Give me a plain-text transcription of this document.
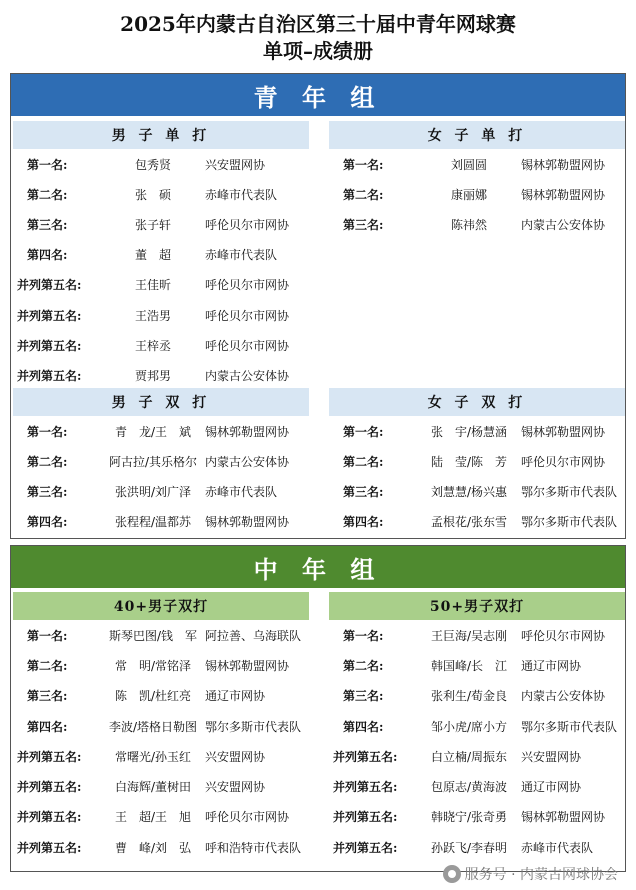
2025年内蒙古自治区第三十届中青年网球赛
单项–成绩册
青 年 组
男 子 单 打
第一名:	包秀贤	兴安盟网协
第二名:	张　硕	赤峰市代表队
第三名:	张子轩	呼伦贝尔市网协
第四名:	董　超	赤峰市代表队
并列第五名:	王佳昕	呼伦贝尔市网协
并列第五名:	王浩男	呼伦贝尔市网协
并列第五名:	王梓丞	呼伦贝尔市网协
并列第五名:	贾邦男	内蒙古公安体协
女 子 单 打
第一名:	刘圆圆	锡林郭勒盟网协
第二名:	康丽娜	锡林郭勒盟网协
第三名:	陈祎然	内蒙古公安体协
男 子 双 打
第一名:	青　龙/王　斌	锡林郭勒盟网协
第二名:	阿古拉/其乐格尔 内蒙古公安体协
第三名:	张洪明/刘广泽	赤峰市代表队
第四名:	张程程/温都苏	锡林郭勒盟网协
女 子 双 打
第一名:	张　宇/杨慧涵	锡林郭勒盟网协
第二名:	陆　莹/陈　芳	呼伦贝尔市网协
第三名:	刘慧慧/杨兴惠	鄂尔多斯市代表队
第四名:	孟根花/张东雪	鄂尔多斯市代表队
中 年 组
40+男子双打
第一名:	斯琴巴图/钱　军 阿拉善、乌海联队
第二名:	常　明/常铭泽	锡林郭勒盟网协
第三名:	陈　凯/杜红亮	通辽市网协
第四名:	李波/塔格日勒图 鄂尔多斯市代表队
并列第五名:	常曙光/孙玉红	兴安盟网协
并列第五名:	白海辉/董树田	兴安盟网协
并列第五名:	王　超/王　旭	呼伦贝尔市网协
并列第五名:	曹　峰/刘　弘	呼和浩特市代表队
50+男子双打
第一名:	王巨海/吴志刚	呼伦贝尔市网协
第二名:	韩国峰/长　江	通辽市网协
第三名:	张利生/荀金良	内蒙古公安体协
第四名:	邹小虎/席小方	鄂尔多斯市代表队
并列第五名:	白立楠/周振东	兴安盟网协
并列第五名:	包原志/黄海波	通辽市网协
并列第五名:	韩晓宁/张奇勇	锡林郭勒盟网协
并列第五名:	孙跃飞/李春明	赤峰市代表队
服务号 · 内蒙古网球协会
